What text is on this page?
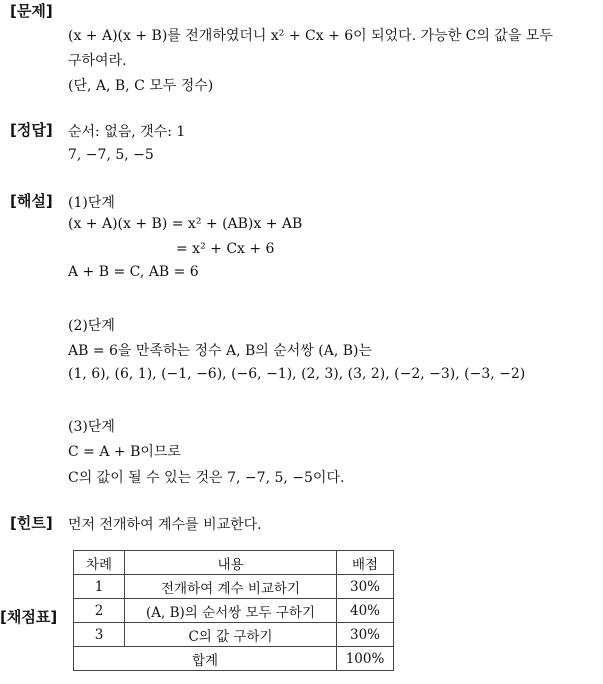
[문제]
[정답]
[해설]
[힌트]
[채점표]
(x + A)(x + B)를 전개하였더니 x² + Cx + 6이 되었다. 가능한 C의 값을 모두
구하여라.
(단, A, B, C 모두 정수)
순서: 없음, 갯수: 1
7, −7, 5, −5
(1)단계
(x + A)(x + B) = x² + (AB)x + AB
= x² + Cx + 6
A + B = C, AB = 6
(2)단계
AB = 6을 만족하는 정수 A, B의 순서쌍 (A, B)는
(1, 6), (6, 1), (−1, −6), (−6, −1), (2, 3), (3, 2), (−2, −3), (−3, −2)
(3)단계
C = A + B이므로
C의 값이 될 수 있는 것은 7, −7, 5, −5이다.
먼저 전개하여 계수를 비교한다.
차례	내용	배점
1	전개하여 계수 비교하기	30%
2	(A, B)의 순서쌍 모두 구하기	40%
3	C의 값 구하기	30%
합계		100%
